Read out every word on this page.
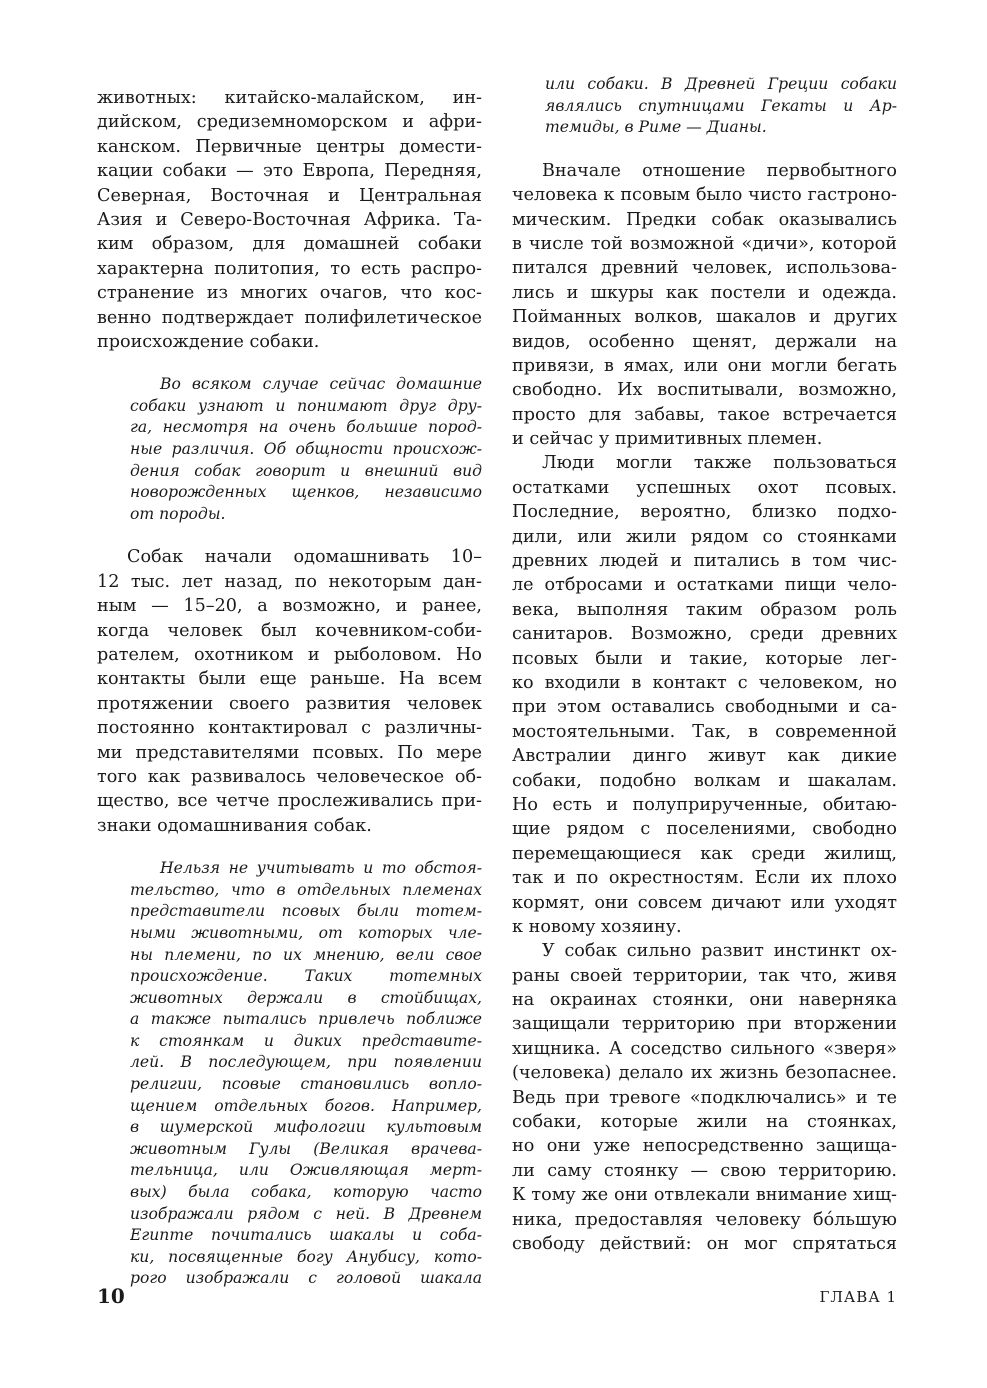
животных: китайско-малайском, ин-
дийском, средиземноморском и афри-
канском. Первичные центры домести-
кации собаки — это Европа, Передняя,
Северная, Восточная и Центральная
Азия и Северо-Восточная Африка. Та-
ким образом, для домашней собаки
характерна политопия, то есть распро-
странение из многих очагов, что кос-
венно подтверждает полифилетическое
происхождение собаки.
Во всяком случае сейчас домашние
собаки узнают и понимают друг дру-
га, несмотря на очень большие пород-
ные различия. Об общности происхож-
дения собак говорит и внешний вид
новорожденных щенков, независимо
от породы.
Собак начали одомашнивать 10–
12 тыс. лет назад, по некоторым дан-
ным — 15–20, а возможно, и ранее,
когда человек был кочевником-соби-
рателем, охотником и рыболовом. Но
контакты были еще раньше. На всем
протяжении своего развития человек
постоянно контактировал с различны-
ми представителями псовых. По мере
того как развивалось человеческое об-
щество, все четче прослеживались при-
знаки одомашнивания собак.
Нельзя не учитывать и то обстоя-
тельство, что в отдельных племенах
представители псовых были тотем-
ными животными, от которых чле-
ны племени, по их мнению, вели свое
происхождение. Таких тотемных
животных держали в стойбищах,
а также пытались привлечь поближе
к стоянкам и диких представите-
лей. В последующем, при появлении
религии, псовые становились вопло-
щением отдельных богов. Например,
в шумерской мифологии культовым
животным Гулы (Великая врачева-
тельница, или Оживляющая мерт-
вых) была собака, которую часто
изображали рядом с ней. В Древнем
Египте почитались шакалы и соба-
ки, посвященные богу Анубису, кото-
рого изображали с головой шакала
или собаки. В Древней Греции собаки
являлись спутницами Гекаты и Ар-
темиды, в Риме — Дианы.
Вначале отношение первобытного
человека к псовым было чисто гастроно-
мическим. Предки собак оказывались
в числе той возможной «дичи», которой
питался древний человек, использова-
лись и шкуры как постели и одежда.
Пойманных волков, шакалов и других
видов, особенно щенят, держали на
привязи, в ямах, или они могли бегать
свободно. Их воспитывали, возможно,
просто для забавы, такое встречается
и сейчас у примитивных племен.
Люди могли также пользоваться
остатками успешных охот псовых.
Последние, вероятно, близко подхо-
дили, или жили рядом со стоянками
древних людей и питались в том чис-
ле отбросами и остатками пищи чело-
века, выполняя таким образом роль
санитаров. Возможно, среди древних
псовых были и такие, которые лег-
ко входили в контакт с человеком, но
при этом оставались свободными и са-
мостоятельными. Так, в современной
Австралии динго живут как дикие
собаки, подобно волкам и шакалам.
Но есть и полуприрученные, обитаю-
щие рядом с поселениями, свободно
перемещающиеся как среди жилищ,
так и по окрестностям. Если их плохо
кормят, они совсем дичают или уходят
к новому хозяину.
У собак сильно развит инстинкт ох-
раны своей территории, так что, живя
на окраинах стоянки, они наверняка
защищали территорию при вторжении
хищника. А соседство сильного «зверя»
(человека) делало их жизнь безопаснее.
Ведь при тревоге «подключались» и те
собаки, которые жили на стоянках,
но они уже непосредственно защища-
ли саму стоянку — свою территорию.
К тому же они отвлекали внимание хищ-
ника, предоставляя человеку бóльшую
свободу действий: он мог спрятаться
10	ГЛАВА 1
